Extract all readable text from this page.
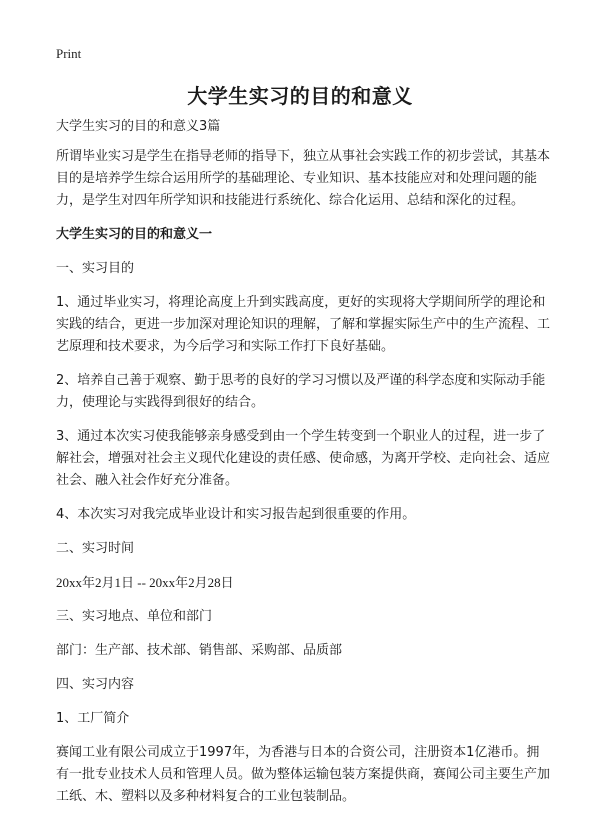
Print
大学生实习的目的和意义

大学生实习的目的和意义3篇

所谓毕业实习是学生在指导老师的指导下，独立从事社会实践工作的初步尝试，其基本目的是培养学生综合运用所学的基础理论、专业知识、基本技能应对和处理问题的能力，是学生对四年所学知识和技能进行系统化、综合化运用、总结和深化的过程。

大学生实习的目的和意义一

一、实习目的

1、通过毕业实习，将理论高度上升到实践高度，更好的实现将大学期间所学的理论和实践的结合，更进一步加深对理论知识的理解，了解和掌握实际生产中的生产流程、工艺原理和技术要求，为今后学习和实际工作打下良好基础。

2、培养自己善于观察、勤于思考的良好的学习习惯以及严谨的科学态度和实际动手能力，使理论与实践得到很好的结合。

3、通过本次实习使我能够亲身感受到由一个学生转变到一个职业人的过程，进一步了解社会，增强对社会主义现代化建设的责任感、使命感，为离开学校、走向社会、适应社会、融入社会作好充分准备。

4、本次实习对我完成毕业设计和实习报告起到很重要的作用。

二、实习时间

20xx年2月1日 -- 20xx年2月28日

三、实习地点、单位和部门

部门：生产部、技术部、销售部、采购部、品质部

四、实习内容

1、工厂简介

赛闻工业有限公司成立于1997年，为香港与日本的合资公司，注册资本1亿港币。拥有一批专业技术人员和管理人员。做为整体运输包装方案提供商，赛闻公司主要生产加工纸、木、塑料以及多种材料复合的工业包装制品。
